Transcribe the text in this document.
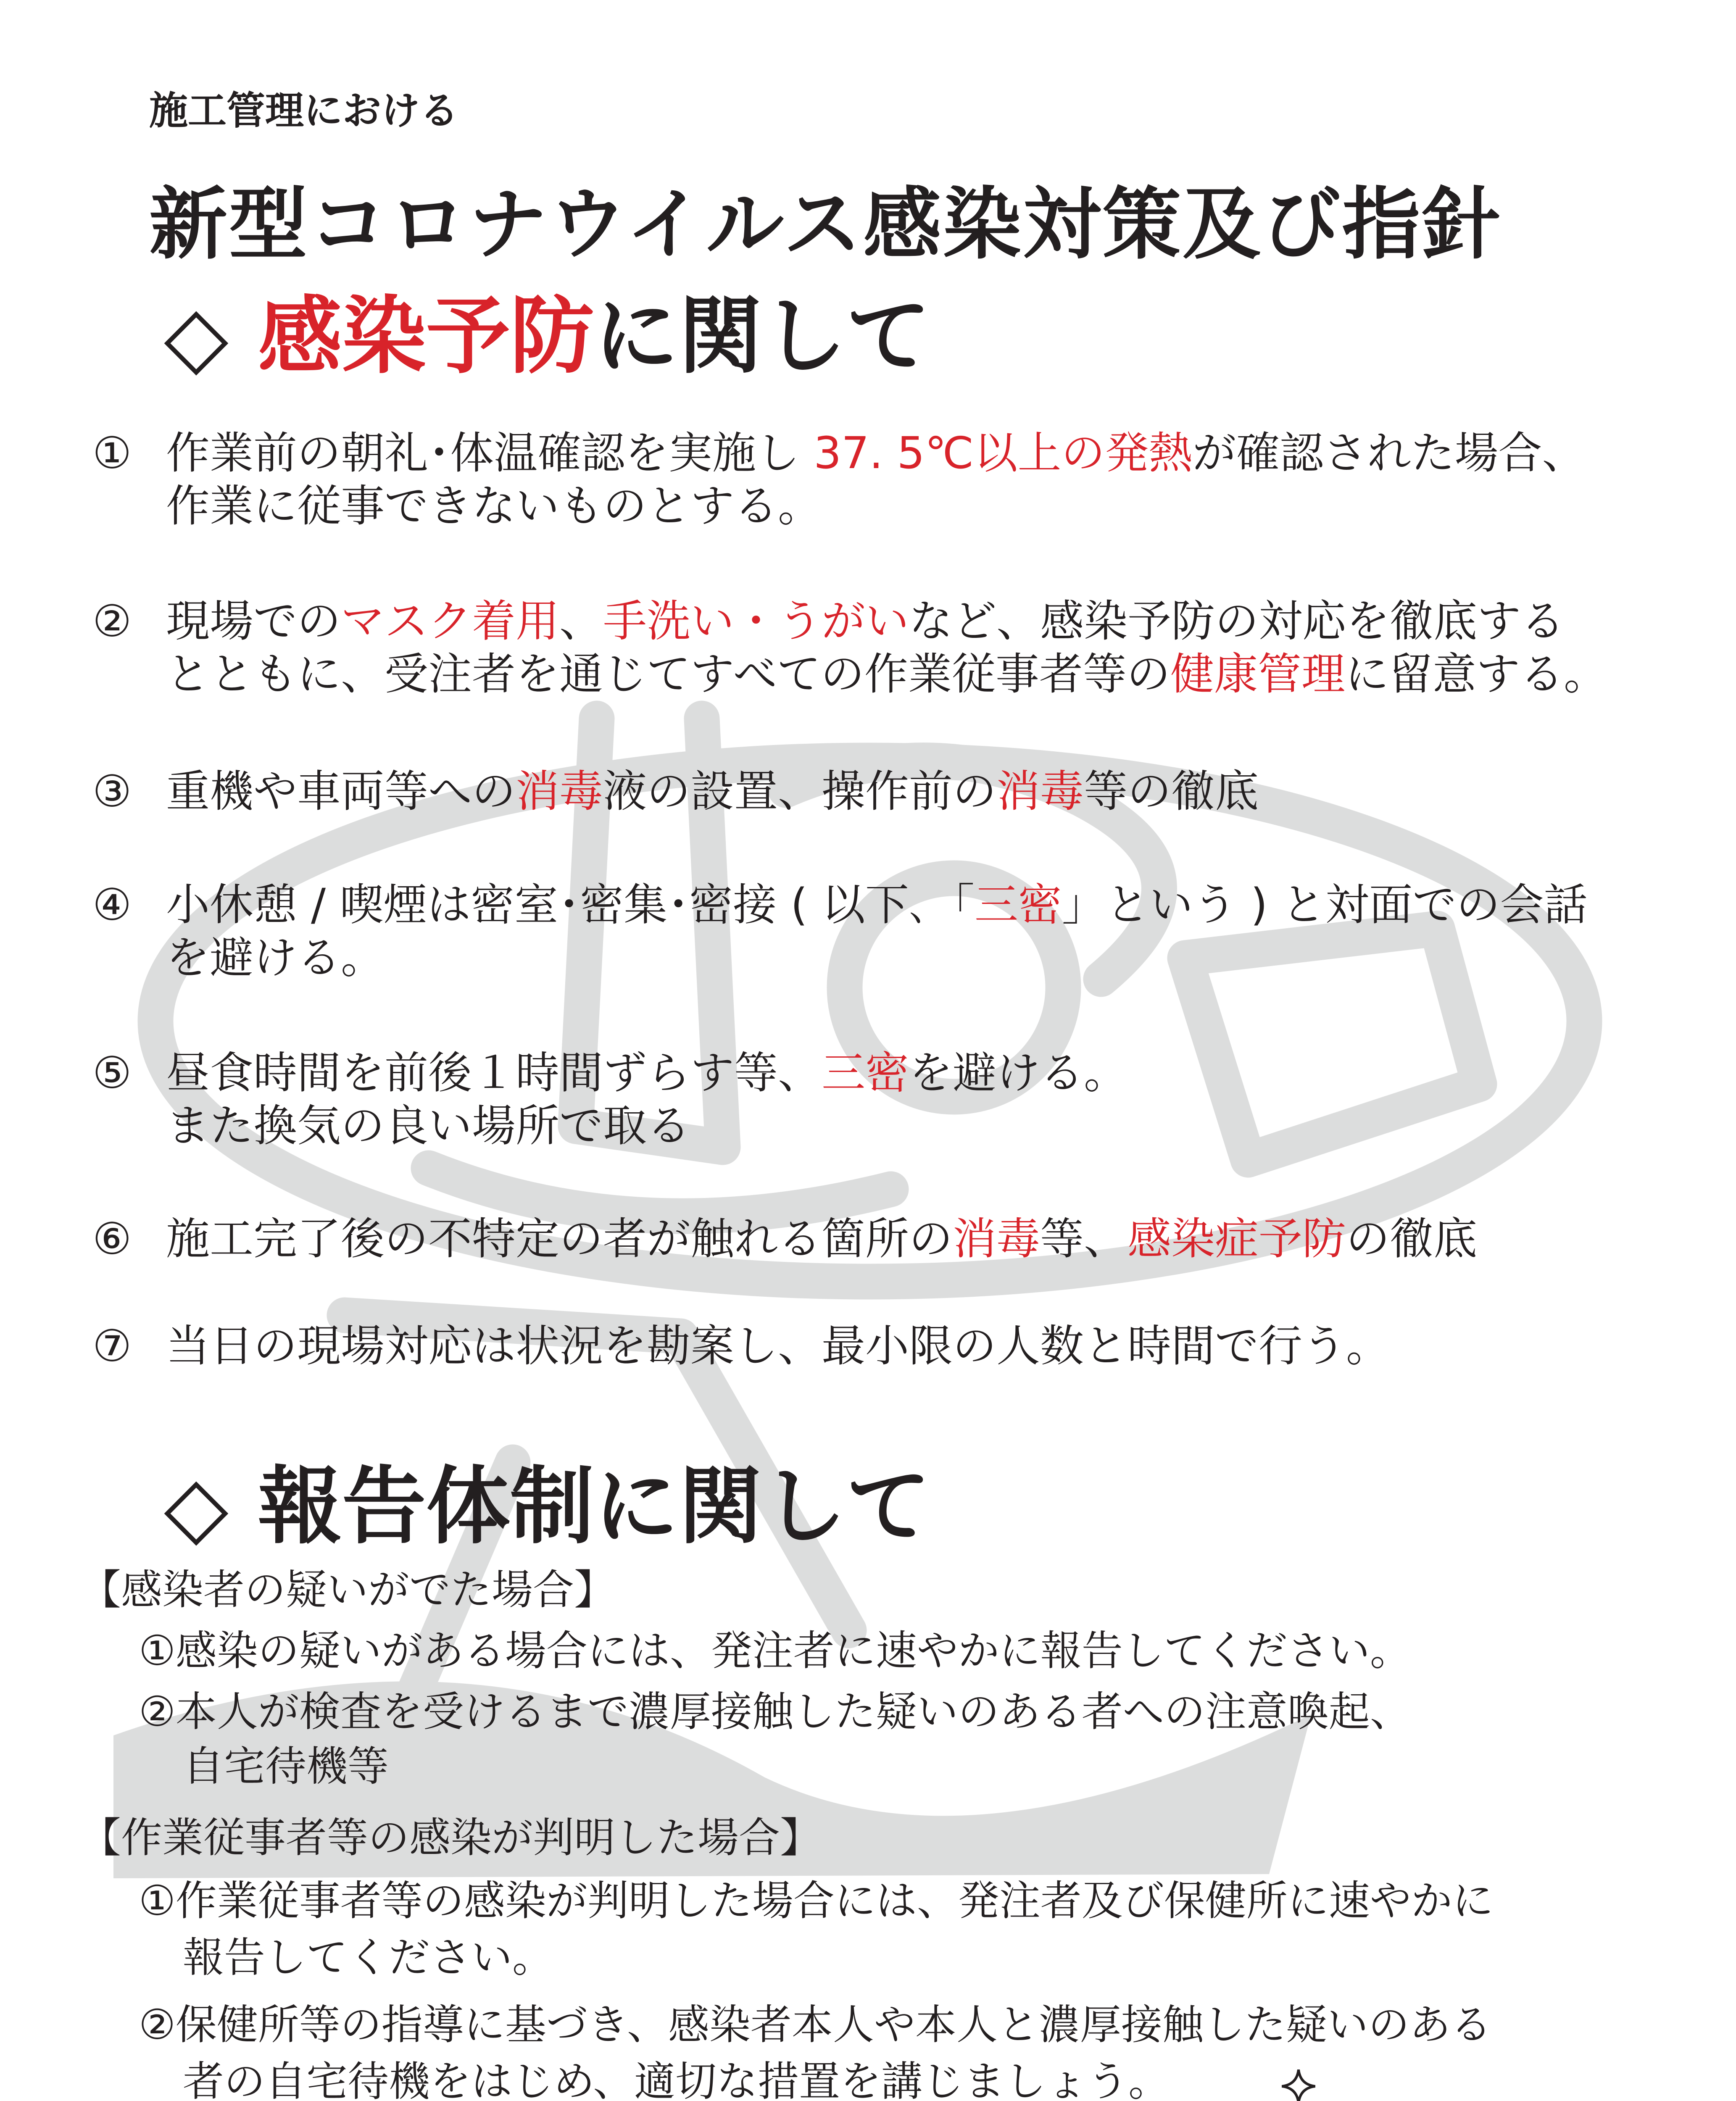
施工管理における
新型コロナウイルス感染対策及び指針
◇ 感染予防に関して
① 作業前の朝礼･体温確認を実施し 37. 5℃以上の発熱が確認された場合、
作業に従事できないものとする。
② 現場でのマスク着用、手洗い・うがいなど、感染予防の対応を徹底する
とともに、受注者を通じてすべての作業従事者等の健康管理に留意する。
③ 重機や車両等への消毒液の設置、操作前の消毒等の徹底
④ 小休憩 / 喫煙は密室･密集･密接 ( 以下､「三密」という ) と対面での会話
を避ける。
⑤ 昼食時間を前後１時間ずらす等、三密を避ける。
また換気の良い場所で取る
⑥ 施工完了後の不特定の者が触れる箇所の消毒等、感染症予防の徹底
⑦ 当日の現場対応は状況を勘案し、最小限の人数と時間で行う。
◇ 報告体制に関して
【感染者の疑いがでた場合】
①感染の疑いがある場合には、発注者に速やかに報告してください。
②本人が検査を受けるまで濃厚接触した疑いのある者への注意喚起、
自宅待機等
【作業従事者等の感染が判明した場合】
①作業従事者等の感染が判明した場合には、発注者及び保健所に速やかに
報告してください。
②保健所等の指導に基づき、感染者本人や本人と濃厚接触した疑いのある
者の自宅待機をはじめ、適切な措置を講じましょう。
